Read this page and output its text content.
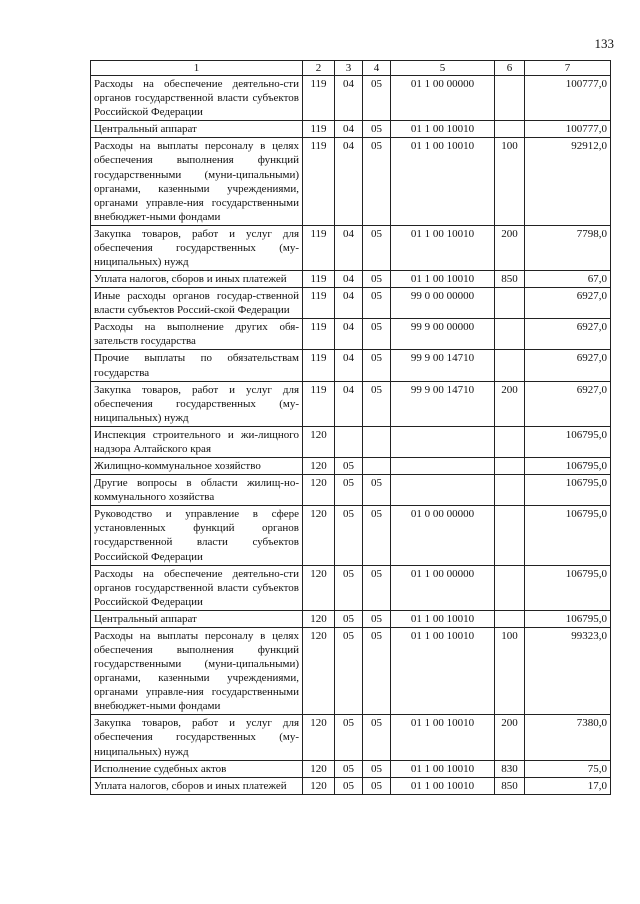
133
1	2	3	4	5	6	7
Расходы на обеспечение деятельно-сти органов государственной власти субъектов Российской Федерации	119	04	05	01 1 00 00000		100777,0
Центральный аппарат	119	04	05	01 1 00 10010		100777,0
Расходы на выплаты персоналу в целях обеспечения выполнения функций государственными (муни-ципальными) органами, казенными учреждениями, органами управле-ния государственными внебюджет-ными фондами	119	04	05	01 1 00 10010	100	92912,0
Закупка товаров, работ и услуг для обеспечения государственных (му-ниципальных) нужд	119	04	05	01 1 00 10010	200	7798,0
Уплата налогов, сборов и иных платежей	119	04	05	01 1 00 10010	850	67,0
Иные расходы органов государ-ственной власти субъектов Россий-ской Федерации	119	04	05	99 0 00 00000		6927,0
Расходы на выполнение других обя-зательств государства	119	04	05	99 9 00 00000		6927,0
Прочие выплаты по обязательствам государства	119	04	05	99 9 00 14710		6927,0
Закупка товаров, работ и услуг для обеспечения государственных (му-ниципальных) нужд	119	04	05	99 9 00 14710	200	6927,0
Инспекция строительного и жи-лищного надзора Алтайского края	120					106795,0
Жилищно-коммунальное хозяйство	120	05				106795,0
Другие вопросы в области жилищ-но-коммунального хозяйства	120	05	05			106795,0
Руководство и управление в сфере установленных функций органов государственной власти субъектов Российской Федерации	120	05	05	01 0 00 00000		106795,0
Расходы на обеспечение деятельно-сти органов государственной власти субъектов Российской Федерации	120	05	05	01 1 00 00000		106795,0
Центральный аппарат	120	05	05	01 1 00 10010		106795,0
Расходы на выплаты персоналу в целях обеспечения выполнения функций государственными (муни-ципальными) органами, казенными учреждениями, органами управле-ния государственными внебюджет-ными фондами	120	05	05	01 1 00 10010	100	99323,0
Закупка товаров, работ и услуг для обеспечения государственных (му-ниципальных) нужд	120	05	05	01 1 00 10010	200	7380,0
Исполнение судебных актов	120	05	05	01 1 00 10010	830	75,0
Уплата налогов, сборов и иных платежей	120	05	05	01 1 00 10010	850	17,0
